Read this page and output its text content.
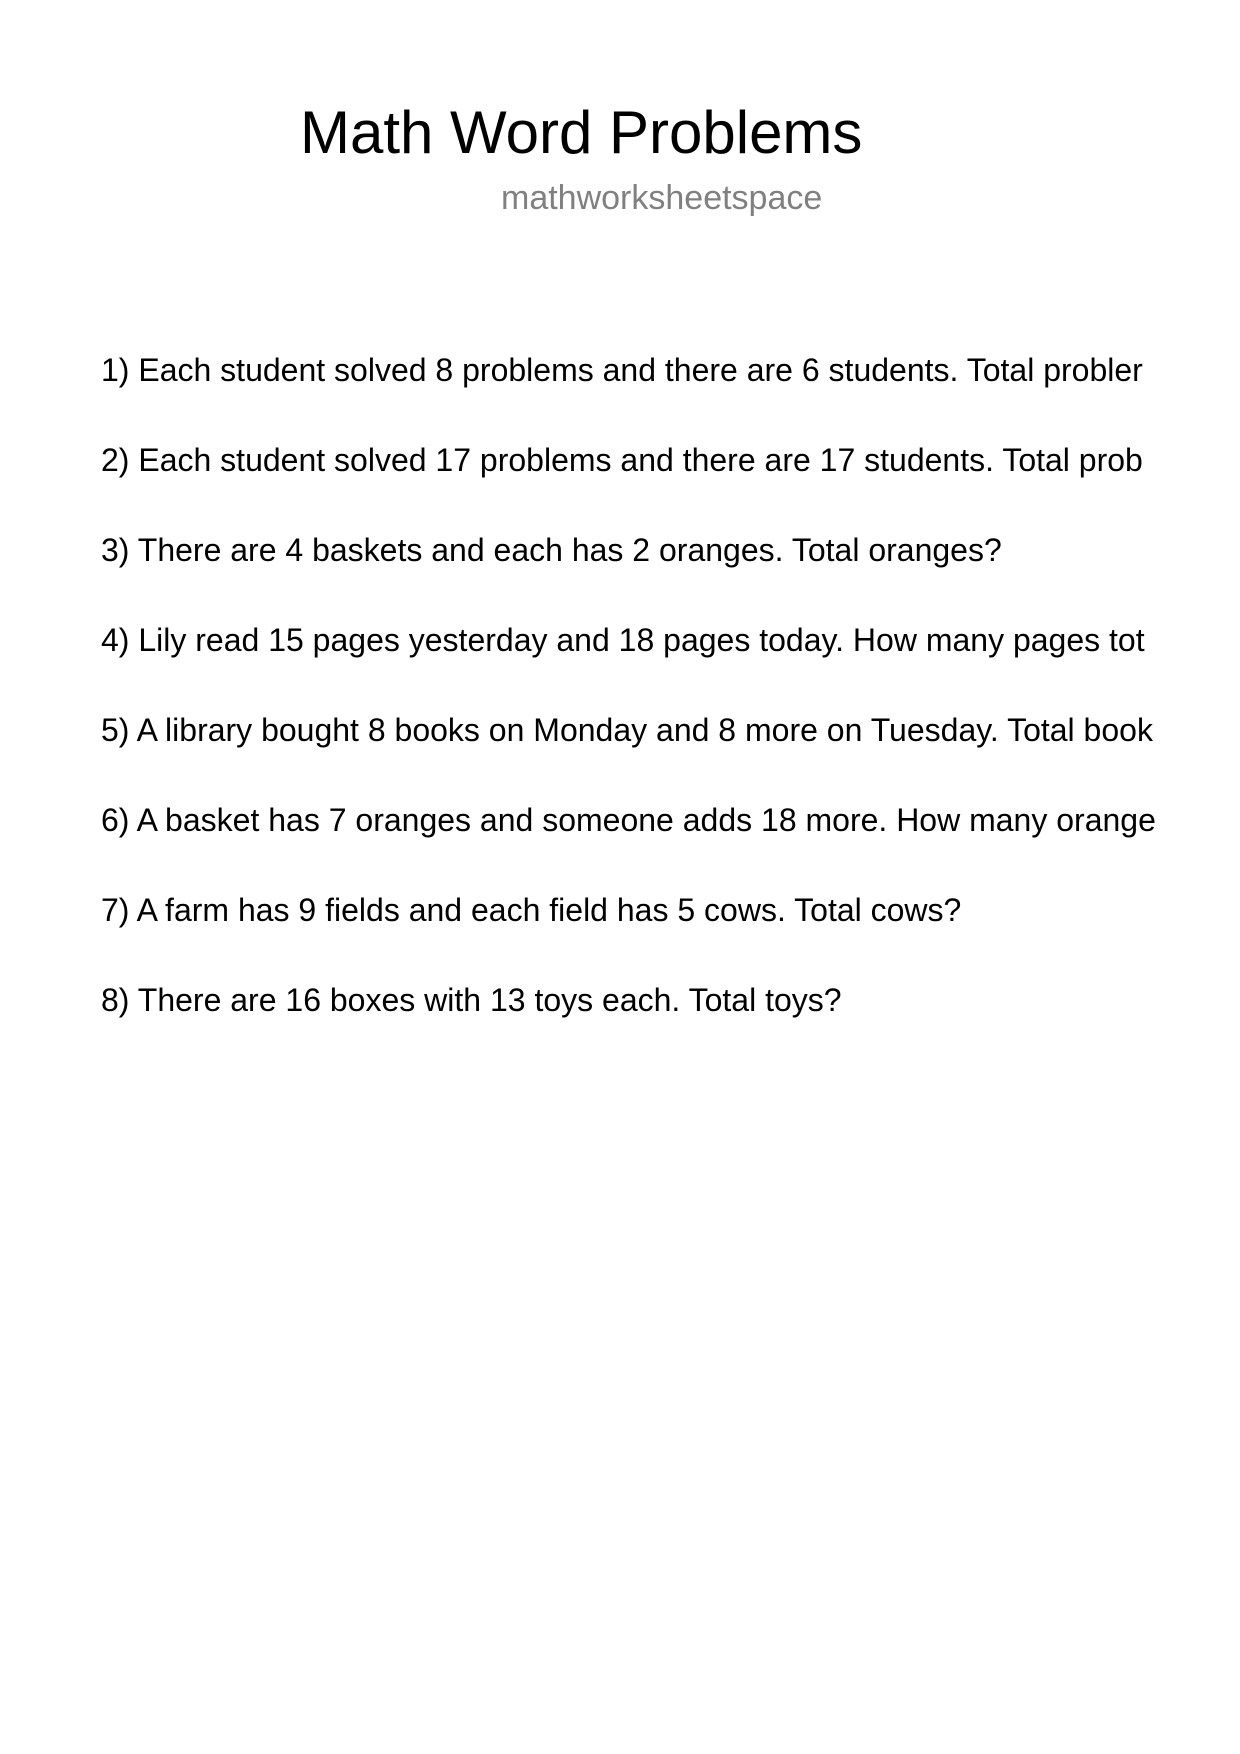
Math Word Problems
mathworksheetspace
1) Each student solved 8 problems and there are 6 students. Total probler
2) Each student solved 17 problems and there are 17 students. Total prob
3) There are 4 baskets and each has 2 oranges. Total oranges?
4) Lily read 15 pages yesterday and 18 pages today. How many pages tot
5) A library bought 8 books on Monday and 8 more on Tuesday. Total book
6) A basket has 7 oranges and someone adds 18 more. How many orange
7) A farm has 9 fields and each field has 5 cows. Total cows?
8) There are 16 boxes with 13 toys each. Total toys?
